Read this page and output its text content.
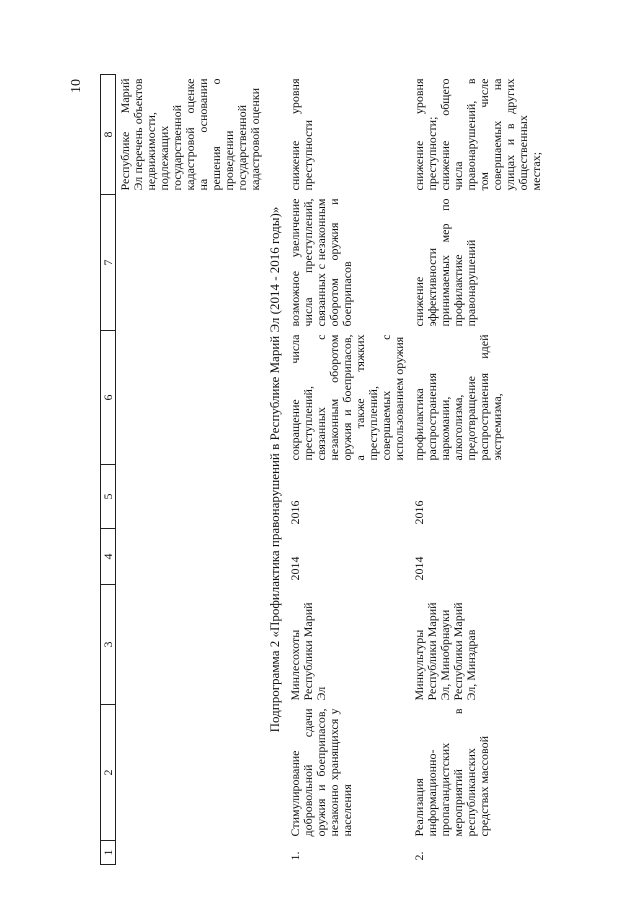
10
1	2	3	4	5	6	7	8
							Республике Марий Эл перечень объектов недвижимости, подлежащих государственной кадастровой оценке на основании решения о проведении государственной кадастровой оценки
Подпрограмма 2 «Профилактика правонарушений в Республике Марий Эл (2014 - 2016 годы)»							
1.	Стимулирование добровольной сдачи оружия и боеприпасов, незаконно хранящихся у населения	Минлесохоты Республики Марий Эл	2014	2016	сокращение числа преступлений, связанных с незаконным оборотом оружия и боеприпасов, а также тяжких преступлений, совершаемых с использованием оружия	возможное увеличение числа преступлений, связанных с незаконным оборотом оружия и боеприпасов	снижение уровня преступности

2.	Реализация информационно-пропагандистских мероприятий в республиканских средствах массовой	Минкультуры Республики Марий Эл, Минобрнауки Республики Марий Эл, Минздрав	2014	2016	профилактика распространения наркомании, алкоголизма, предотвращение распространения идей экстремизма,	снижение эффективности принимаемых мер по профилактике правонарушений	снижение уровня преступности; снижение общего числа правонарушений, в том числе совершаемых на улицах и в других общественных местах;
